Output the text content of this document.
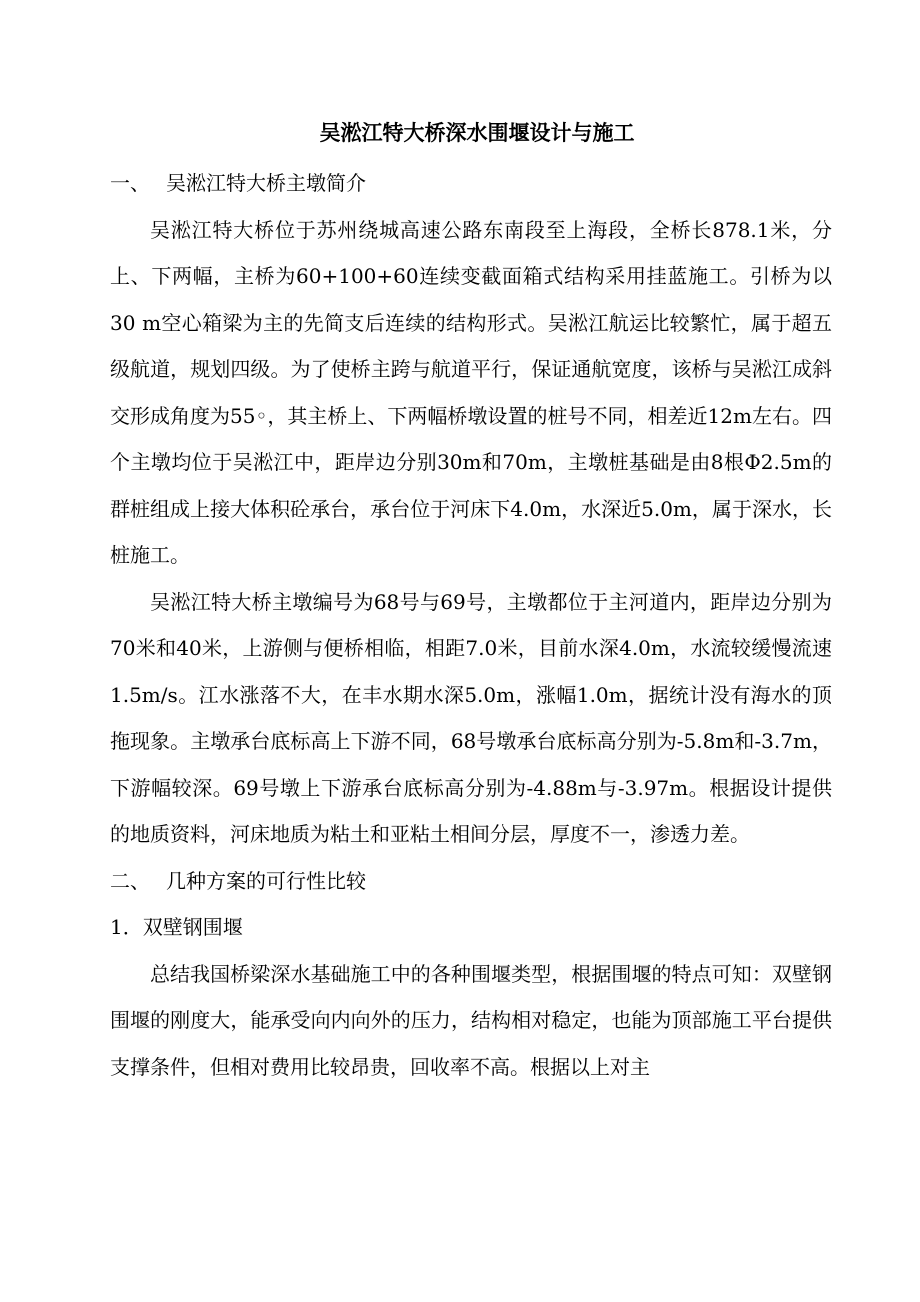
吴淞江特大桥深水围堰设计与施工

一、 吴淞江特大桥主墩简介

吴淞江特大桥位于苏州绕城高速公路东南段至上海段，全桥长878.1米，分上、下两幅，主桥为60+100+60连续变截面箱式结构采用挂蓝施工。引桥为以30 m空心箱梁为主的先简支后连续的结构形式。吴淞江航运比较繁忙，属于超五级航道，规划四级。为了使桥主跨与航道平行，保证通航宽度，该桥与吴淞江成斜交形成角度为55◦，其主桥上、下两幅桥墩设置的桩号不同，相差近12m左右。四个主墩均位于吴淞江中，距岸边分别30m和70m，主墩桩基础是由8根Φ2.5m的群桩组成上接大体积砼承台，承台位于河床下4.0m，水深近5.0m，属于深水，长桩施工。

吴淞江特大桥主墩编号为68号与69号，主墩都位于主河道内，距岸边分别为70米和40米，上游侧与便桥相临，相距7.0米，目前水深4.0m，水流较缓慢流速1.5m/s。江水涨落不大，在丰水期水深5.0m，涨幅1.0m，据统计没有海水的顶拖现象。主墩承台底标高上下游不同，68号墩承台底标高分别为-5.8m和-3.7m，下游幅较深。69号墩上下游承台底标高分别为-4.88m与-3.97m。根据设计提供的地质资料，河床地质为粘土和亚粘土相间分层，厚度不一，渗透力差。

二、 几种方案的可行性比较

1．双壁钢围堰

总结我国桥梁深水基础施工中的各种围堰类型，根据围堰的特点可知：双壁钢围堰的刚度大，能承受向内向外的压力，结构相对稳定，也能为顶部施工平台提供支撑条件，但相对费用比较昂贵，回收率不高。根据以上对主
